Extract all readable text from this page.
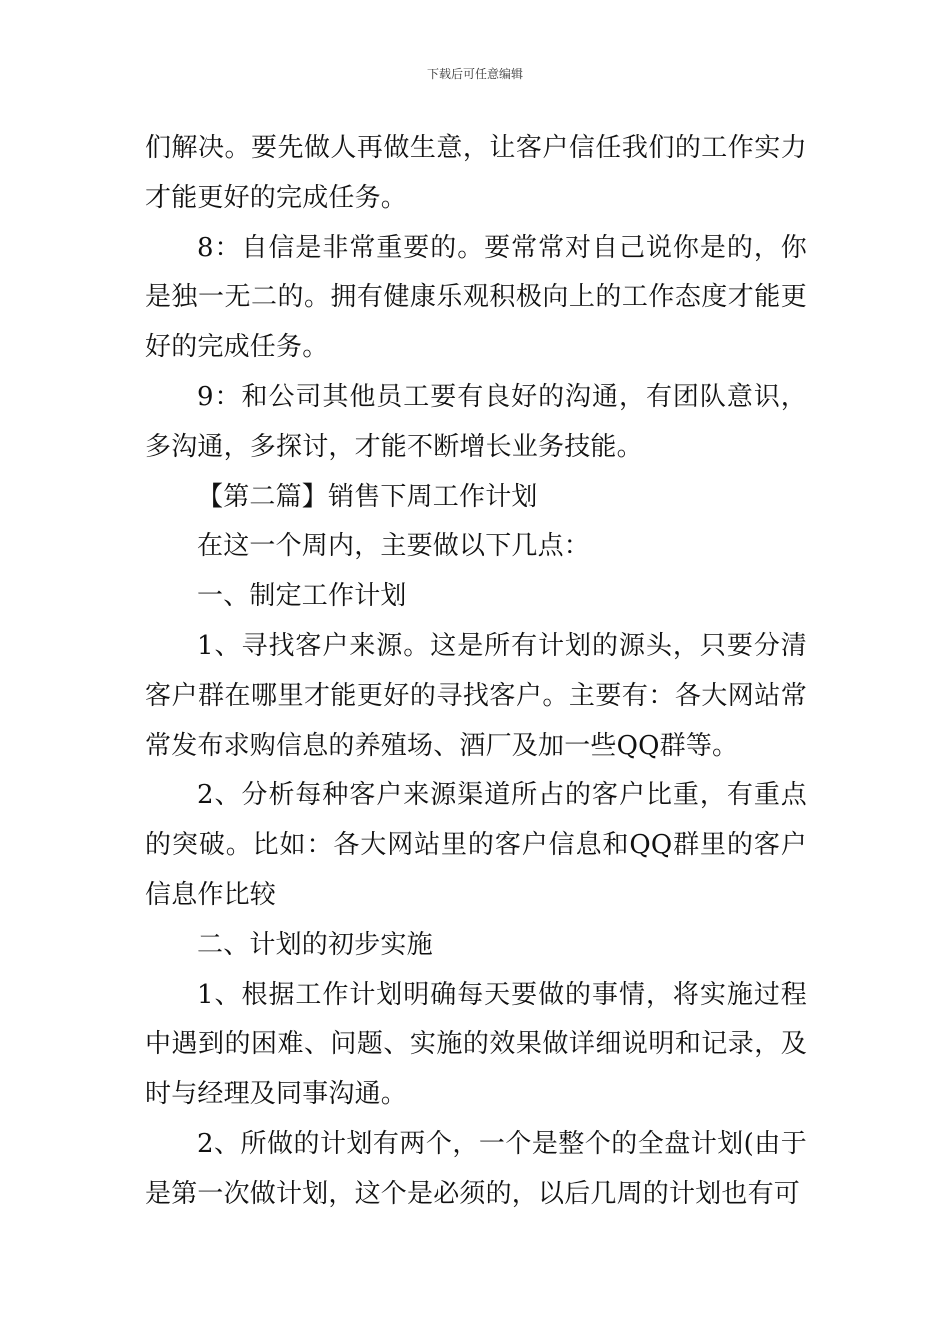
下载后可任意编辑

们解决。要先做人再做生意，让客户信任我们的工作实力才能更好的完成任务。

8：自信是非常重要的。要常常对自己说你是的，你是独一无二的。拥有健康乐观积极向上的工作态度才能更好的完成任务。

9：和公司其他员工要有良好的沟通，有团队意识，多沟通，多探讨，才能不断增长业务技能。

【第二篇】销售下周工作计划

在这一个周内，主要做以下几点：

一、制定工作计划

1、寻找客户来源。这是所有计划的源头，只要分清客户群在哪里才能更好的寻找客户。主要有：各大网站常常发布求购信息的养殖场、酒厂及加一些QQ群等。

2、分析每种客户来源渠道所占的客户比重，有重点的突破。比如：各大网站里的客户信息和QQ群里的客户信息作比较

二、计划的初步实施

1、根据工作计划明确每天要做的事情，将实施过程中遇到的困难、问题、实施的效果做详细说明和记录，及时与经理及同事沟通。

2、所做的计划有两个，一个是整个的全盘计划(由于是第一次做计划，这个是必须的，以后几周的计划也有可
